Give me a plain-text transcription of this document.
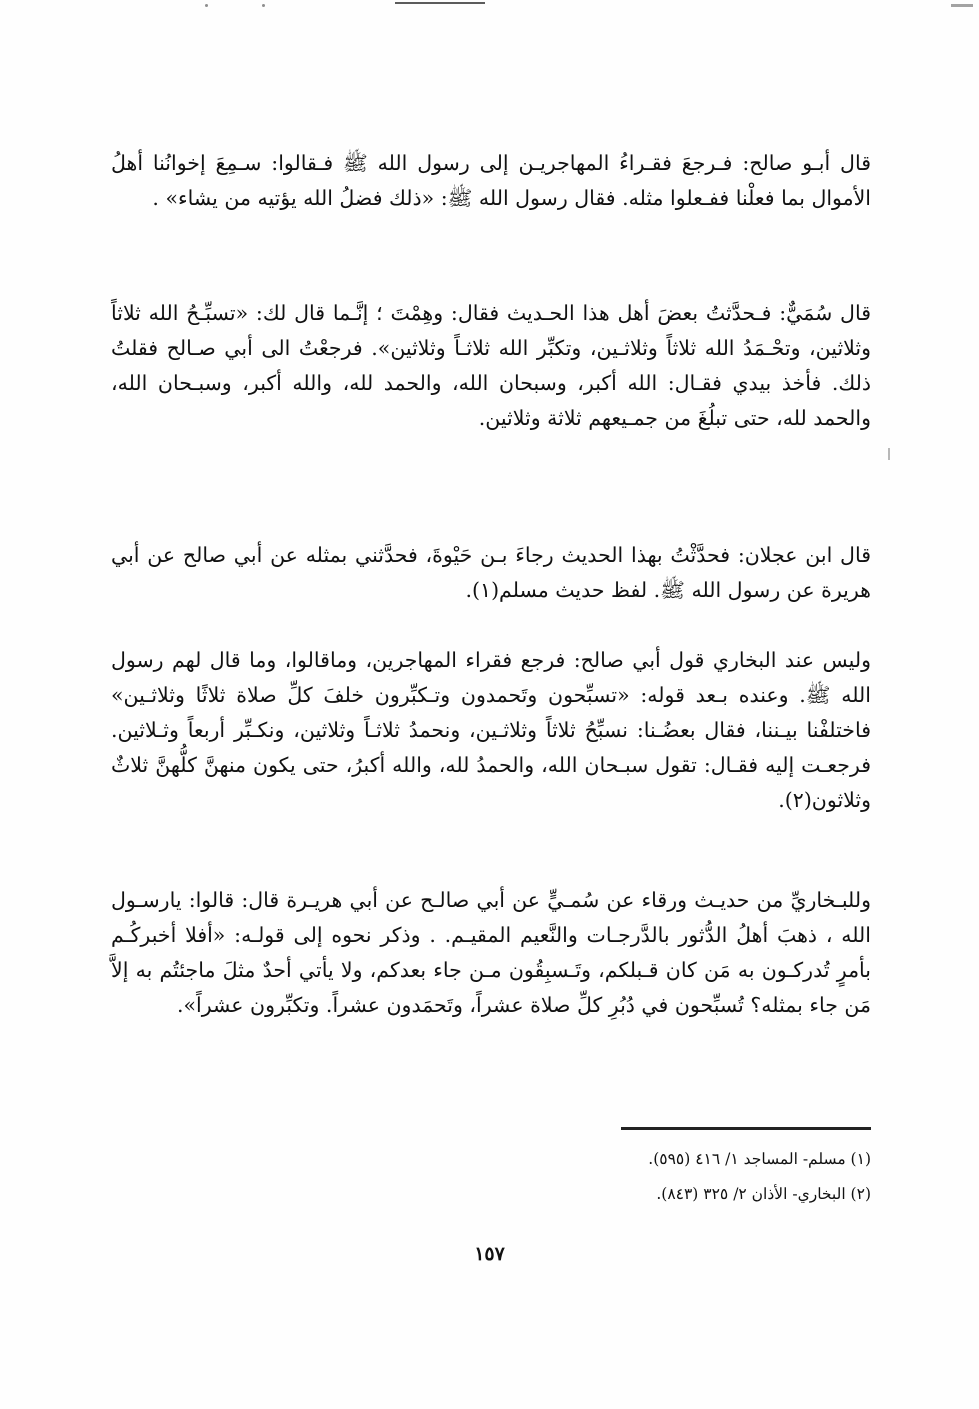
قال أبـو صالح: فـرجعَ فقـراءُ المهاجريـن إلى رسول الله ﷺ فـقالوا: سـمِعَ إخوانُنا أهلُ الأموال بما فعلْنا ففـعلوا مثله. فقال رسول الله ﷺ: «ذلك فضلُ الله يؤتيه من يشاء» .

قال سُمَيٌّ: فـحدَّثتُ بعضَ أهل هذا الحـديث فقال: وهِمْتَ ؛ إنَّـما قال لك: «تسبِّـحُ الله ثلاثاً وثلاثين، وتحْـمَدُ الله ثلاثاً وثلاثـين، وتكبِّر الله ثلاثـاً وثلاثين». فرجعْتُ الى أبي صـالح فقلتُ ذلك. فأخذ بيدي فقـال: الله أكبر، وسبحان الله، والحمد لله، والله أكبر، وسبـحان الله، والحمد لله، حتى تبلُغَ من جمـيعهم ثلاثة وثلاثين.

قال ابن عجلان: فحدَّثْتُ بهذا الحديث رجاءَ بـن حَيْوةَ، فحدَّثني بمثله عن أبي صالح عن أبي هريرة عن رسول الله ﷺ. لفظ حديث مسلم(١).

وليس عند البخاري قول أبي صالح: فرجع فقراء المهاجرين، وماقالوا، وما قال لهم رسول الله ﷺ. وعنده بـعد قوله: «تسبِّحون وتَحمدون وتـكبِّرون خلفَ كلِّ صلاة ثلاثًا وثلاثـين» فاختلفْنا بيـننا، فقال بعضُـنا: نسبِّحُ ثلاثاً وثلاثـين، ونحمدُ ثلاثـاً وثلاثين، ونكـبِّر أربعاً وثـلاثين. فرجعـت إليه فقـال: تقول سبـحان الله، والحمدُ لله، والله أكبرُ، حتى يكون منهنَّ كلُّهنَّ ثلاثٌ وثلاثون(٢).

وللبـخاريِّ من حديـث ورقاء عن سُمـيٍّ عن أبي صالـح عن أبي هريـرة قال: قالوا: يارسـول الله ، ذهبَ أهلُ الدُّثور بالدَّرجـات والنَّعيم المقيـم. . وذكر نحوه إلى قولـه: «أفلا أخبركُـم بأمرٍ تُدركـون به مَن كان قـبلكم، وتَـسبِقُون مـن جاء بعدكم، ولا يأتي أحدٌ مثلَ ماجئتُم به إلاَّ مَن جاء بمثله؟ تُسبِّحون في دُبُرِ كلِّ صلاة عشراً، وتَحمَدون عشراً. وتكبِّرون عشراً».

(١) مسلم- المساجد ١/ ٤١٦ (٥٩٥).
(٢) البخاري- الأذان ٢/ ٣٢٥ (٨٤٣).
١٥٧
